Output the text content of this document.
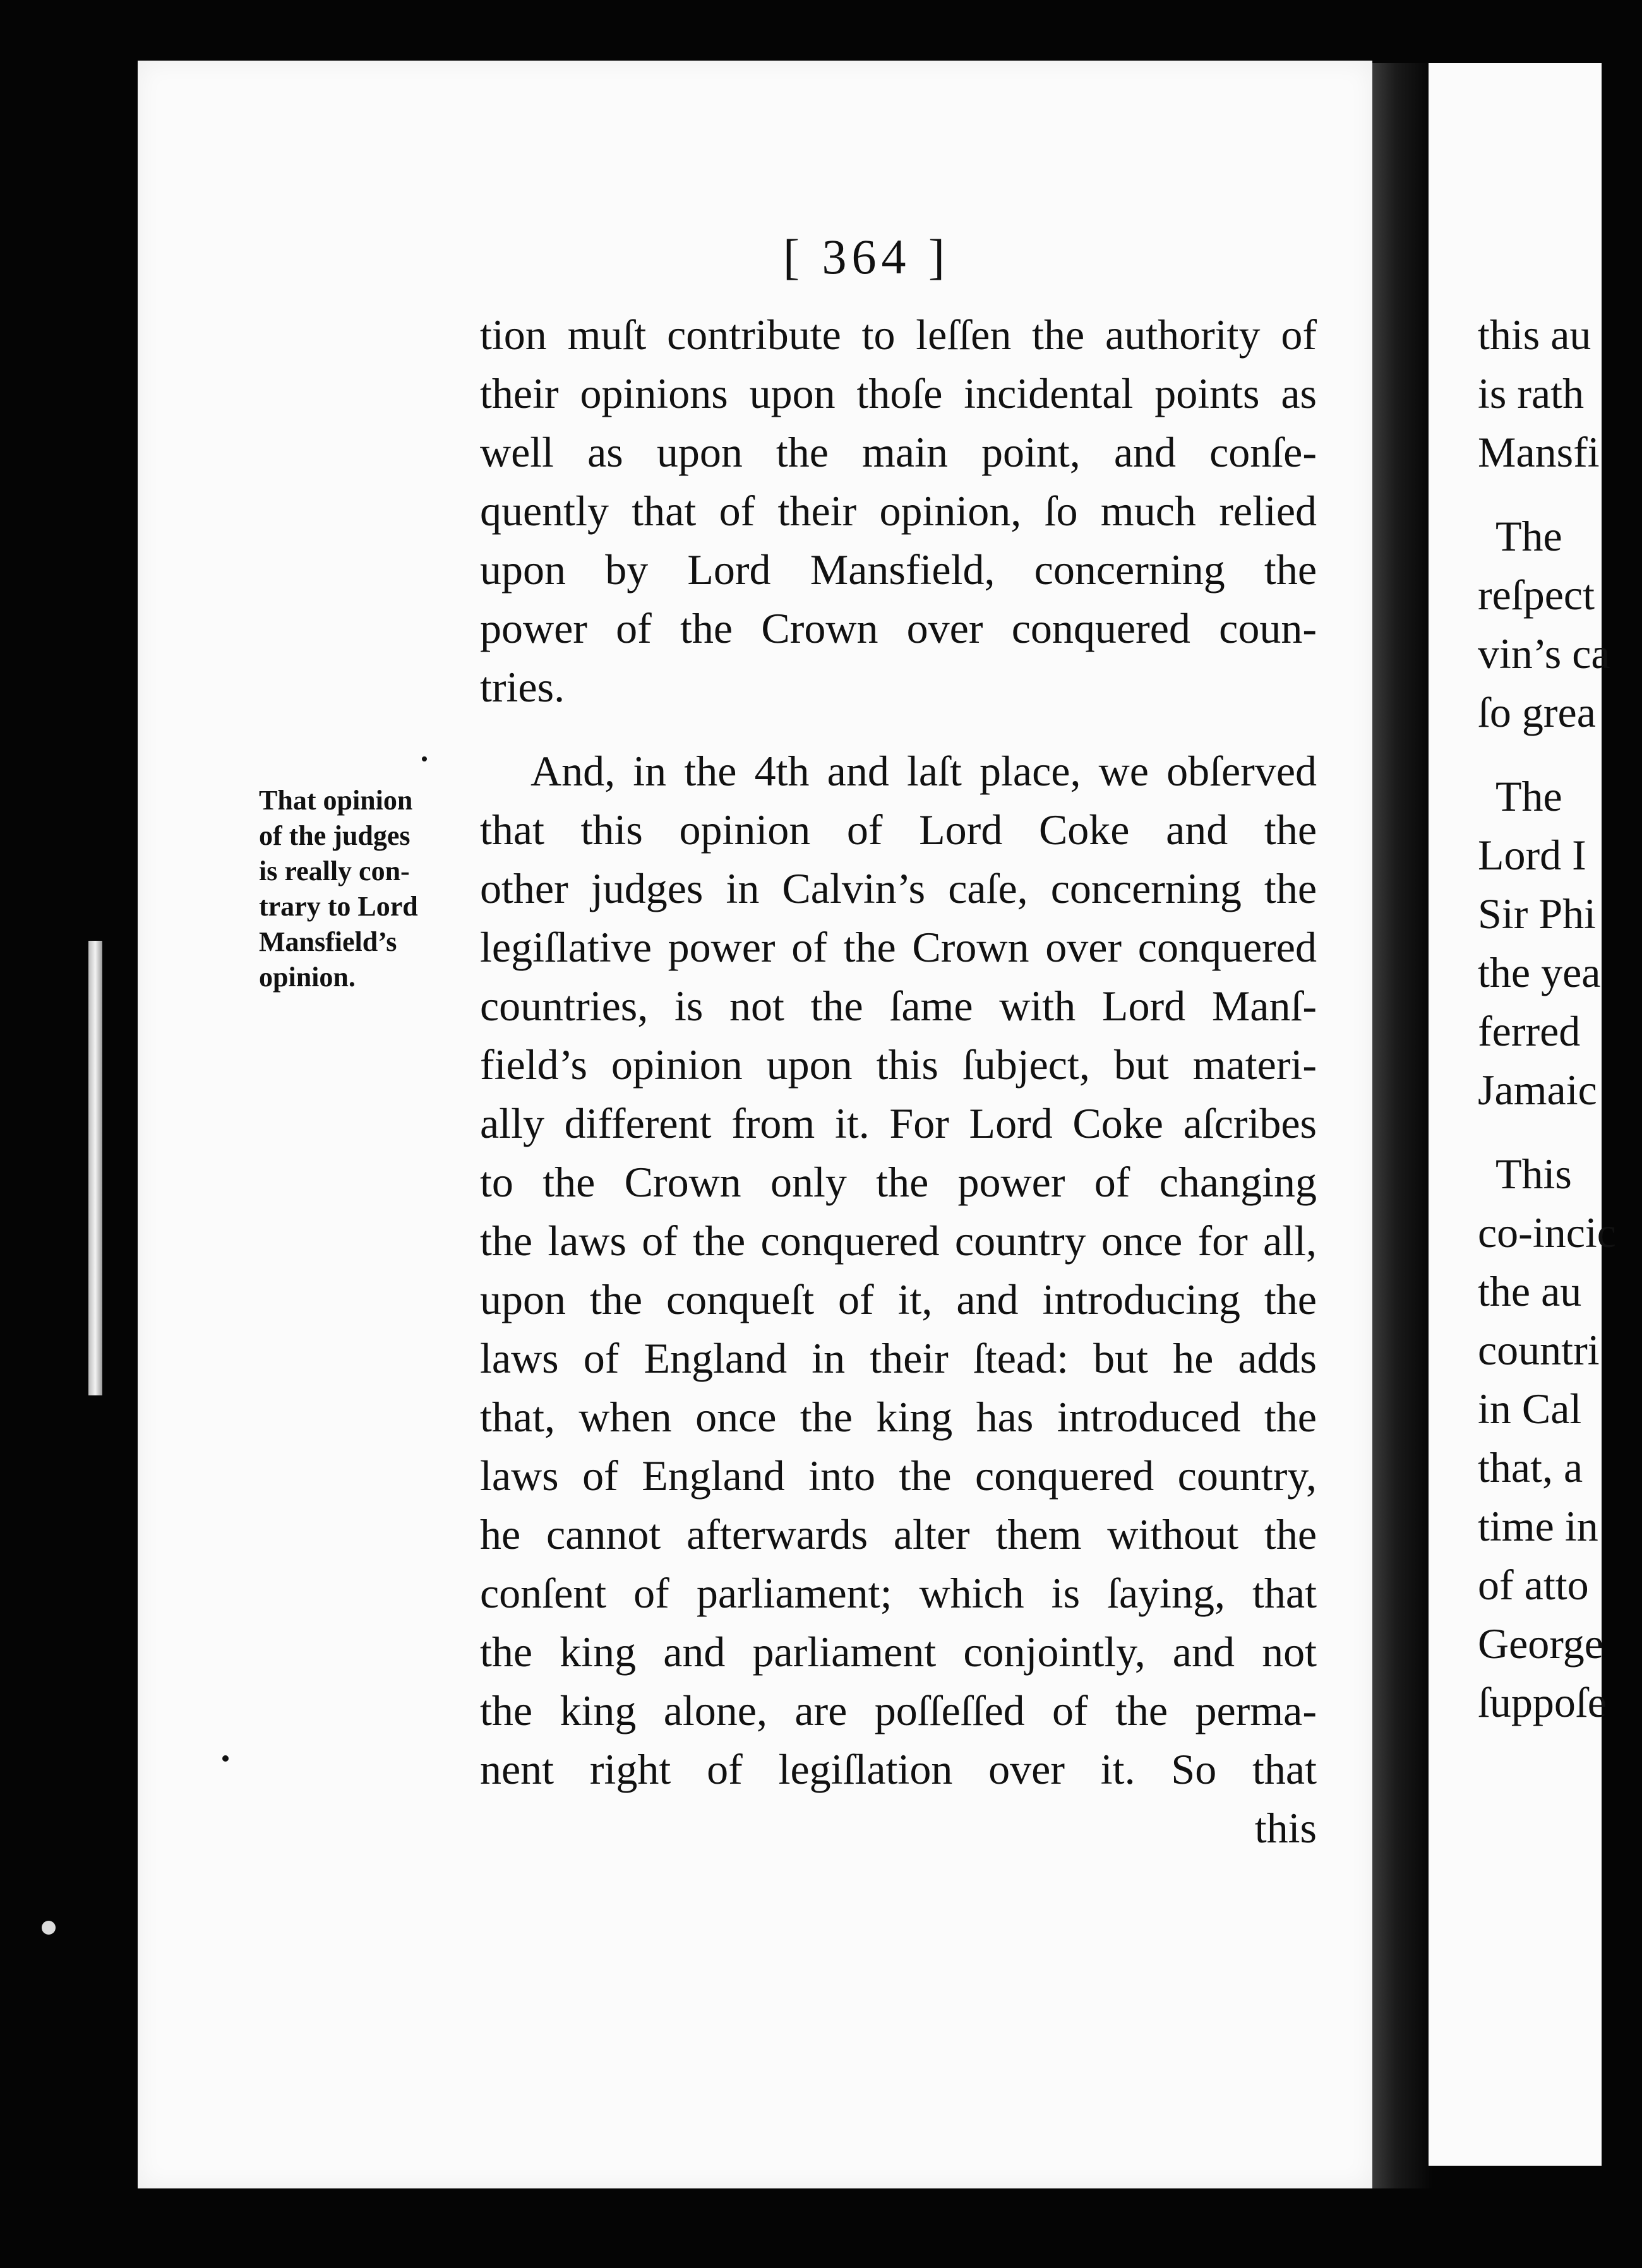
[ 364 ]
tion muſt contribute to leſſen the authority of
their opinions upon thoſe incidental points as
well as upon the main point, and conſe-
quently that of their opinion, ſo much relied
upon by Lord Mansfield, concerning the
power of the Crown over conquered coun-
tries.
And, in the 4th and laſt place, we obſerved
that this opinion of Lord Coke and the
other judges in Calvin’s caſe, concerning the
legiſlative power of the Crown over conquered
countries, is not the ſame with Lord Manſ-
field’s opinion upon this ſubject, but materi-
ally different from it. For Lord Coke aſcribes
to the Crown only the power of changing
the laws of the conquered country once for all,
upon the conqueſt of it, and introducing the
laws of England in their ſtead: but he adds
that, when once the king has introduced the
laws of England into the conquered country,
he cannot afterwards alter them without the
conſent of parliament; which is ſaying, that
the king and parliament conjointly, and not
the king alone, are poſſeſſed of the perma-
nent right of legiſlation over it. So that
this
That opinion
of the judges
is really con-
trary to Lord
Mansfield’s
opinion.
this au
is rath
Mansfi
The
reſpect
vin’s ca
ſo grea
The
Lord I
Sir Phi
the yea
ferred
Jamaic
This
co-incic
the au
countri
in Cal
that, a
time in
of atto
George
ſuppoſe
